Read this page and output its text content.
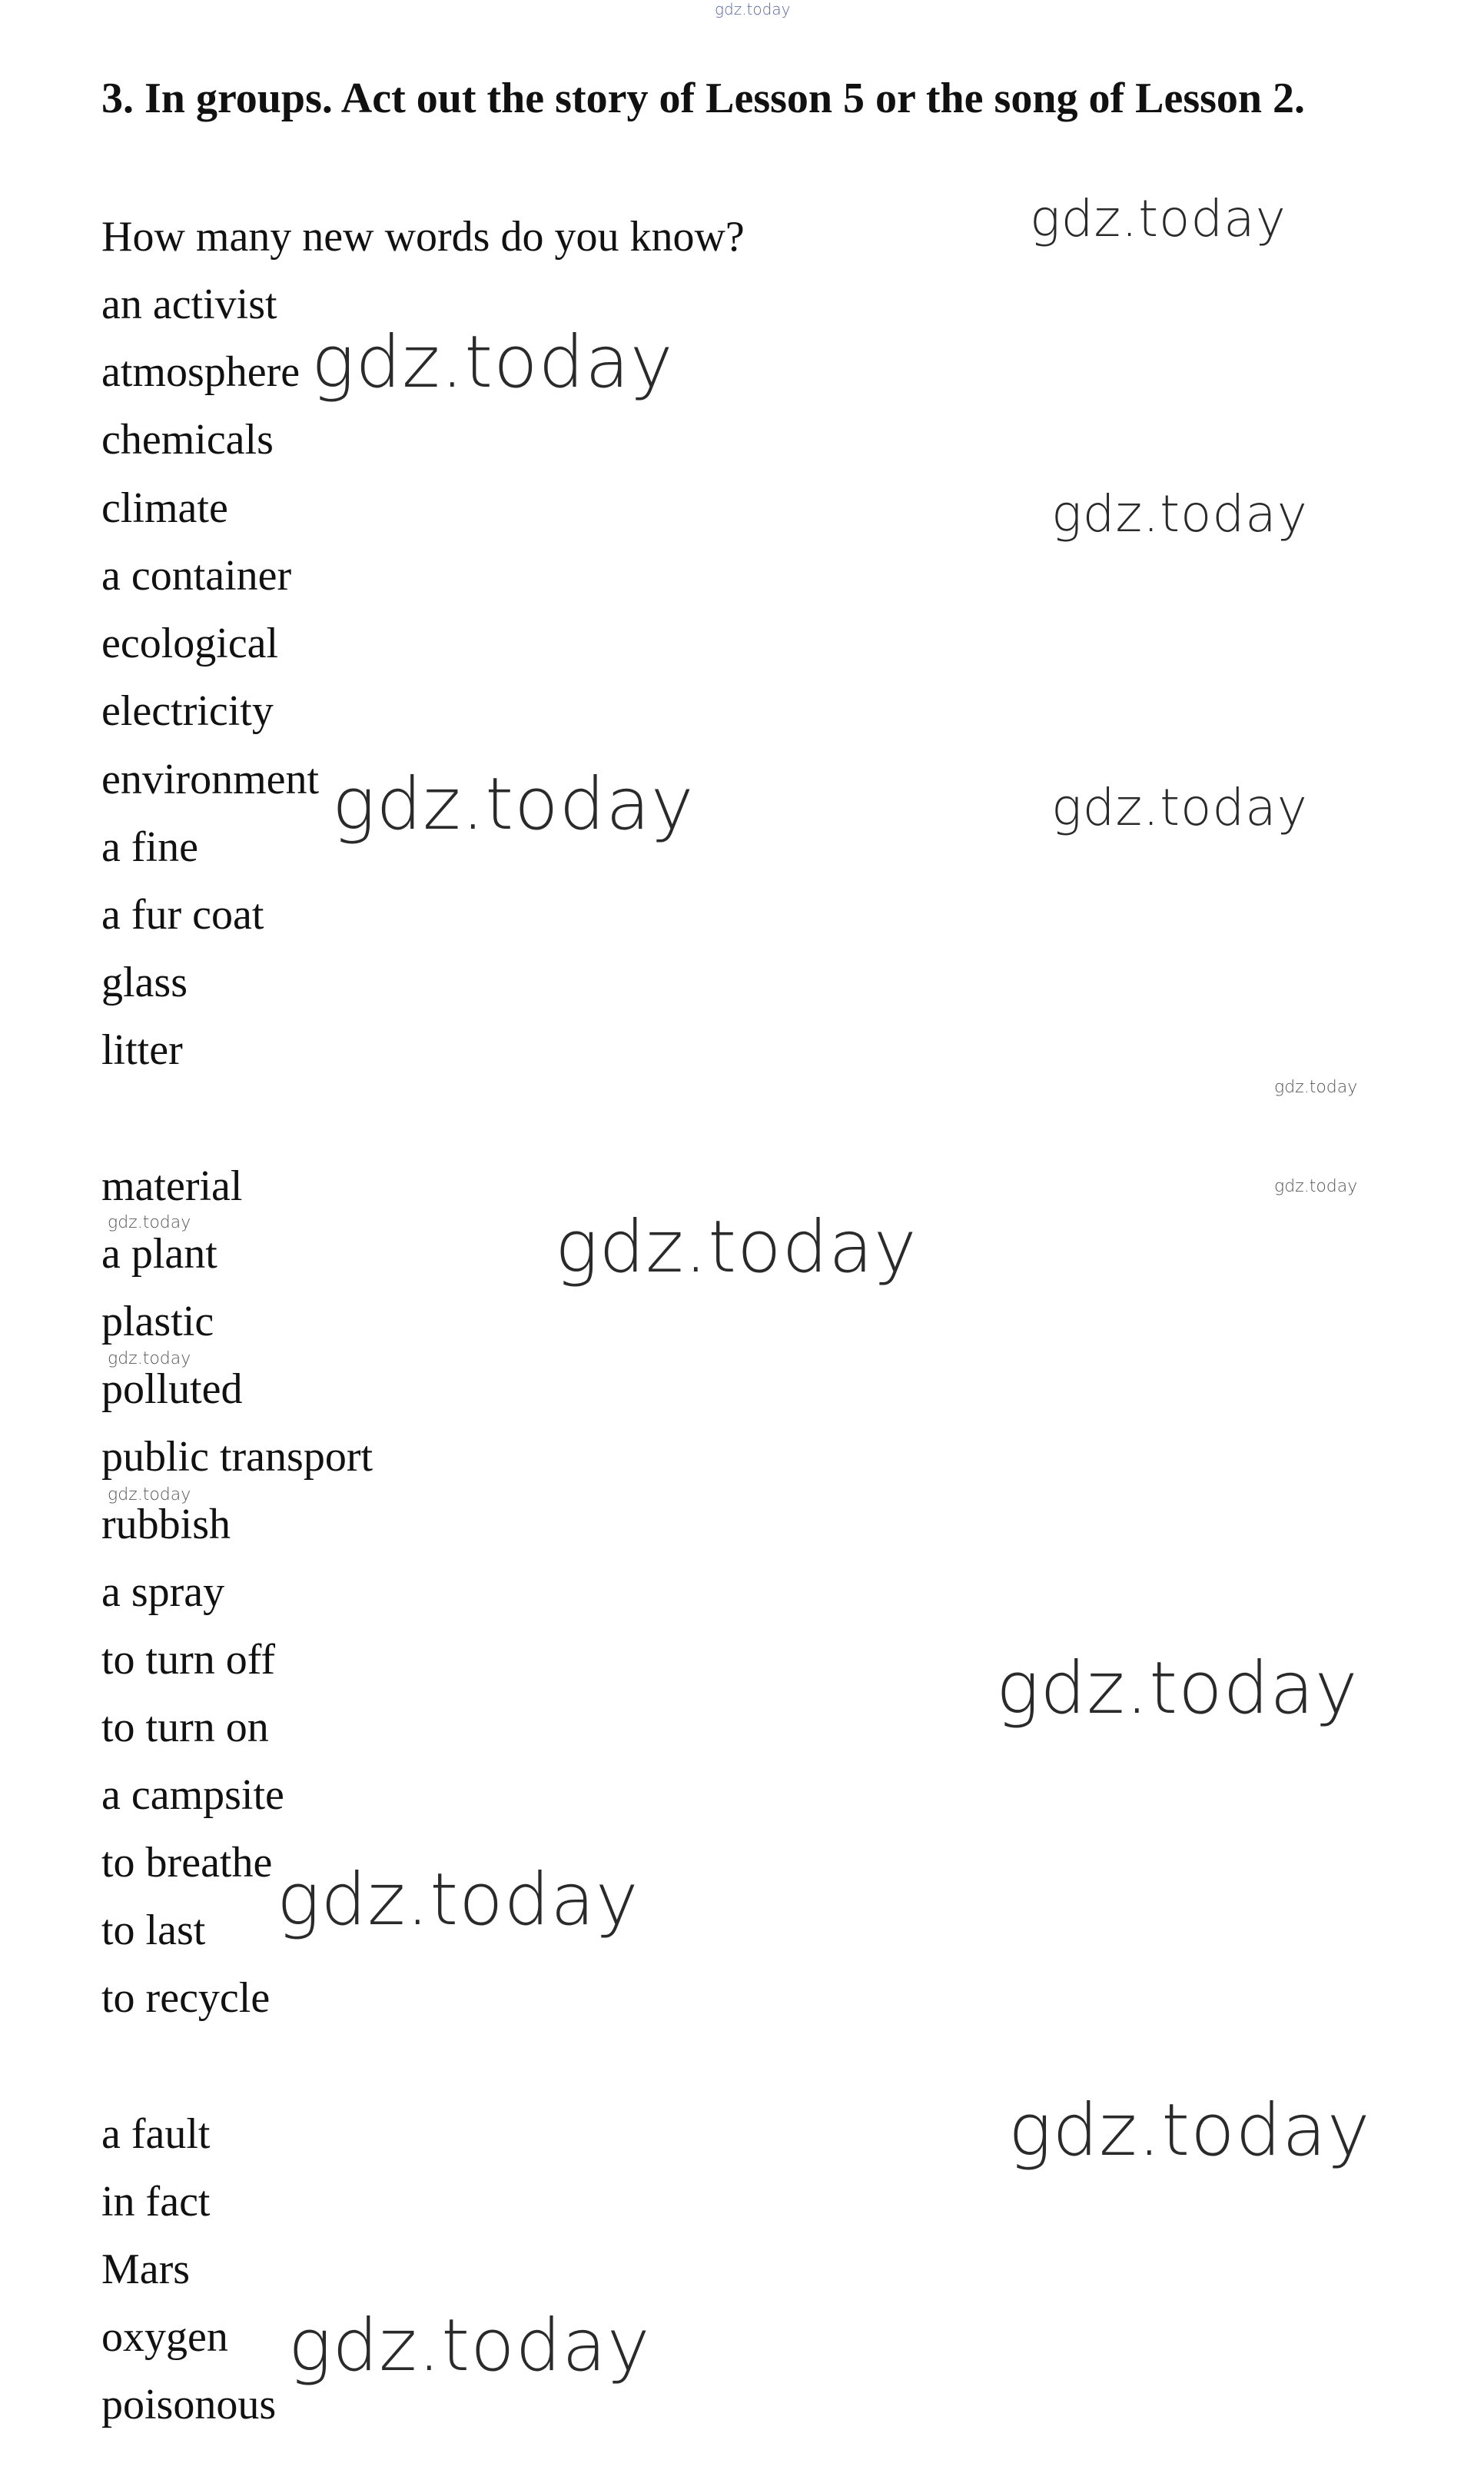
gdz.today
3. In groups. Act out the story of Lesson 5 or the song of Lesson 2.
How many new words do you know?
an activist
atmosphere
chemicals
climate
a container
ecological
electricity
environment
a fine
a fur coat
glass
litter
material
a plant
plastic
polluted
public transport
rubbish
a spray
to turn off
to turn on
a campsite
to breathe
to last
to recycle
a fault
in fact
Mars
oxygen
poisonous
gdz.today
gdz.today
gdz.today
gdz.today	gdz.today
gdz.today
gdz.today
gdz.today	gdz.today
gdz.today
gdz.today
gdz.today
gdz.today
gdz.today
gdz.today
